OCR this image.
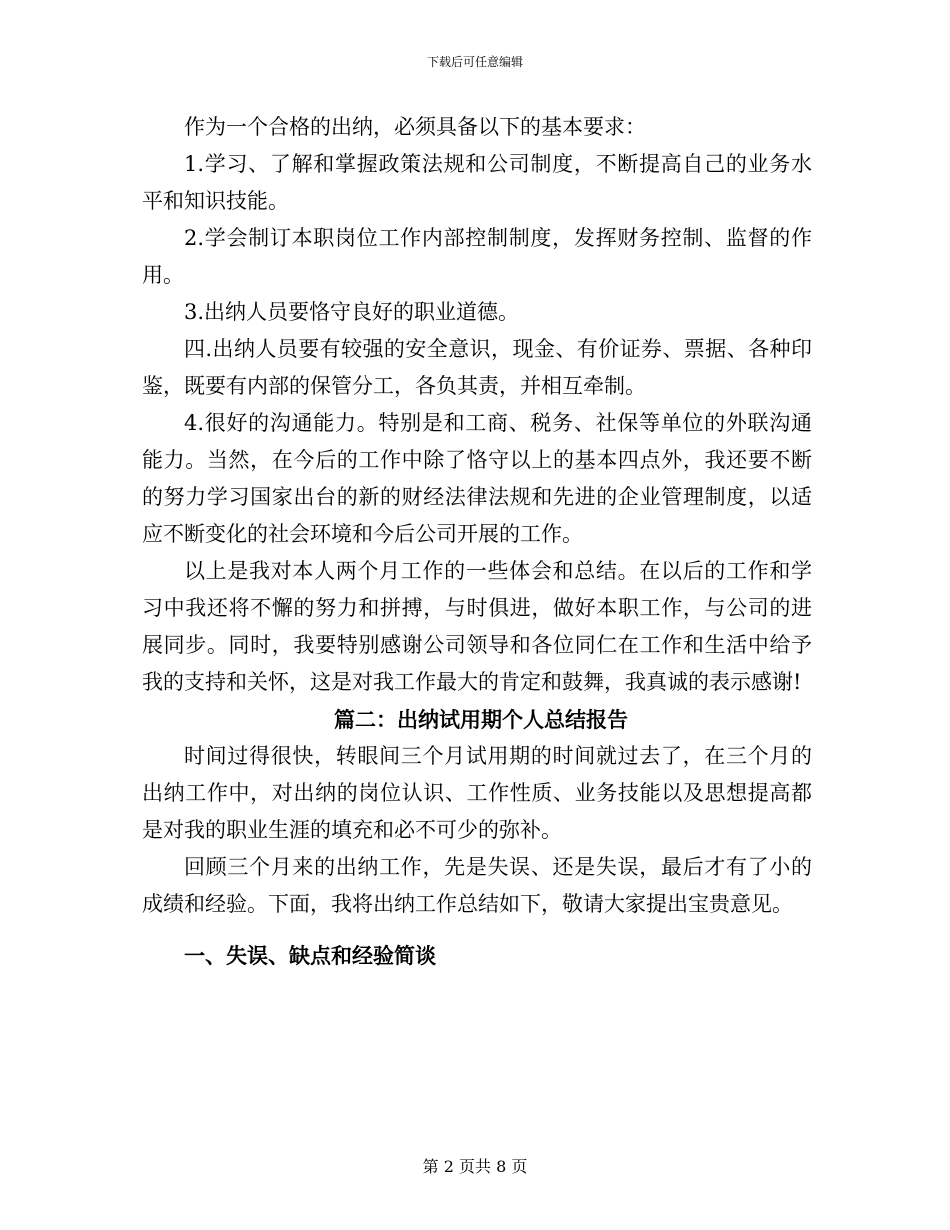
下载后可任意编辑

作为一个合格的出纳，必须具备以下的基本要求：

1.学习、了解和掌握政策法规和公司制度，不断提高自己的业务水平和知识技能。

2.学会制订本职岗位工作内部控制制度，发挥财务控制、监督的作用。

3.出纳人员要恪守良好的职业道德。

四.出纳人员要有较强的安全意识，现金、有价证券、票据、各种印鉴，既要有内部的保管分工，各负其责，并相互牵制。

4.很好的沟通能力。特别是和工商、税务、社保等单位的外联沟通能力。当然，在今后的工作中除了恪守以上的基本四点外，我还要不断的努力学习国家出台的新的财经法律法规和先进的企业管理制度，以适应不断变化的社会环境和今后公司开展的工作。

以上是我对本人两个月工作的一些体会和总结。在以后的工作和学习中我还将不懈的努力和拼搏，与时俱进，做好本职工作，与公司的进展同步。同时，我要特别感谢公司领导和各位同仁在工作和生活中给予我的支持和关怀，这是对我工作最大的肯定和鼓舞，我真诚的表示感谢!

篇二：出纳试用期个人总结报告

时间过得很快，转眼间三个月试用期的时间就过去了，在三个月的出纳工作中，对出纳的岗位认识、工作性质、业务技能以及思想提高都是对我的职业生涯的填充和必不可少的弥补。

回顾三个月来的出纳工作，先是失误、还是失误，最后才有了小的成绩和经验。下面，我将出纳工作总结如下，敬请大家提出宝贵意见。

一、失误、缺点和经验简谈

第 2 页共 8 页
